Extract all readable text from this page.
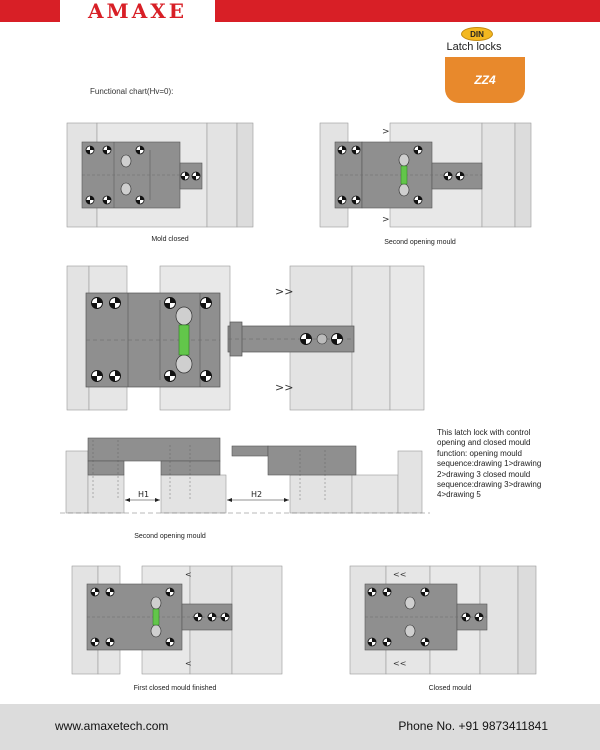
AMAXE
DIN
Latch locks
ZZ4
Functional chart(Hv=0):
>
>
>>
>>
H1	H2
<
<
<<
<<
Mold closed	Second opening mould
Second opening mould
First closed mould finished	Closed mould
This latch lock with control opening and closed mould function: opening mould sequence:drawing 1>drawing 2>drawing 3 closed mould sequence:drawing 3>drawing 4>drawing 5
www.amaxetech.com	Phone No. +91 9873411841
